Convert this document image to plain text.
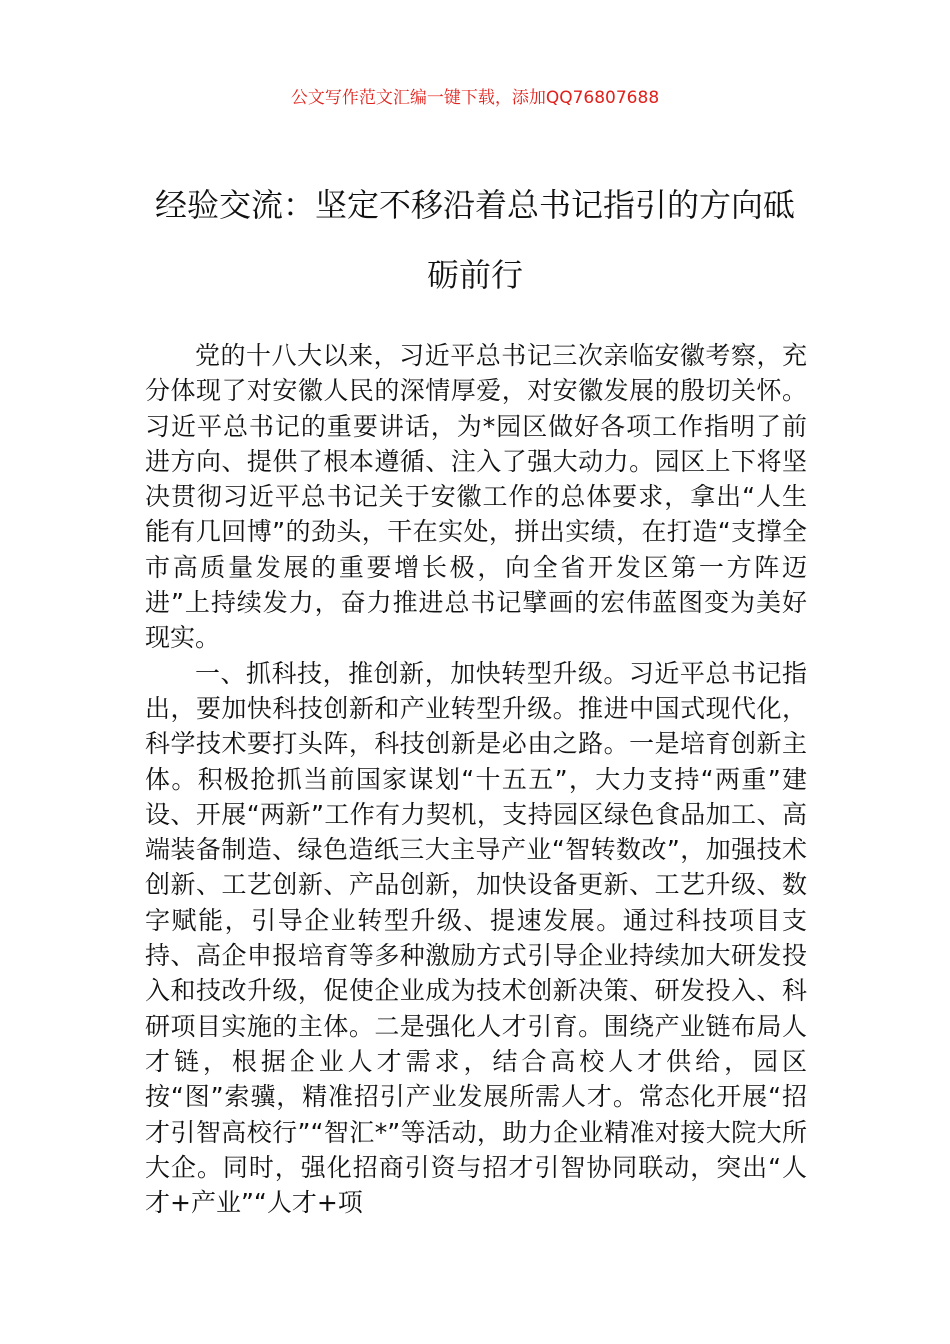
公文写作范文汇编一键下载，添加QQ76807688
经验交流：坚定不移沿着总书记指引的方向砥砺前行

党的十八大以来，习近平总书记三次亲临安徽考察，充分体现了对安徽人民的深情厚爱，对安徽发展的殷切关怀。习近平总书记的重要讲话，为*园区做好各项工作指明了前进方向、提供了根本遵循、注入了强大动力。园区上下将坚决贯彻习近平总书记关于安徽工作的总体要求，拿出“人生能有几回博”的劲头，干在实处，拼出实绩，在打造“支撑全市高质量发展的重要增长极，向全省开发区第一方阵迈进”上持续发力，奋力推进总书记擘画的宏伟蓝图变为美好现实。

一、抓科技，推创新，加快转型升级。习近平总书记指出，要加快科技创新和产业转型升级。推进中国式现代化，科学技术要打头阵，科技创新是必由之路。一是培育创新主体。积极抢抓当前国家谋划“十五五”，大力支持“两重”建设、开展“两新”工作有力契机，支持园区绿色食品加工、高端装备制造、绿色造纸三大主导产业“智转数改”，加强技术创新、工艺创新、产品创新，加快设备更新、工艺升级、数字赋能，引导企业转型升级、提速发展。通过科技项目支持、高企申报培育等多种激励方式引导企业持续加大研发投入和技改升级，促使企业成为技术创新决策、研发投入、科研项目实施的主体。二是强化人才引育。围绕产业链布局人才链，根据企业人才需求，结合高校人才供给，园区按“图”索骥，精准招引产业发展所需人才。常态化开展“招才引智高校行”“智汇*”等活动，助力企业精准对接大院大所大企。同时，强化招商引资与招才引智协同联动，突出“人才+产业”“人才+项
